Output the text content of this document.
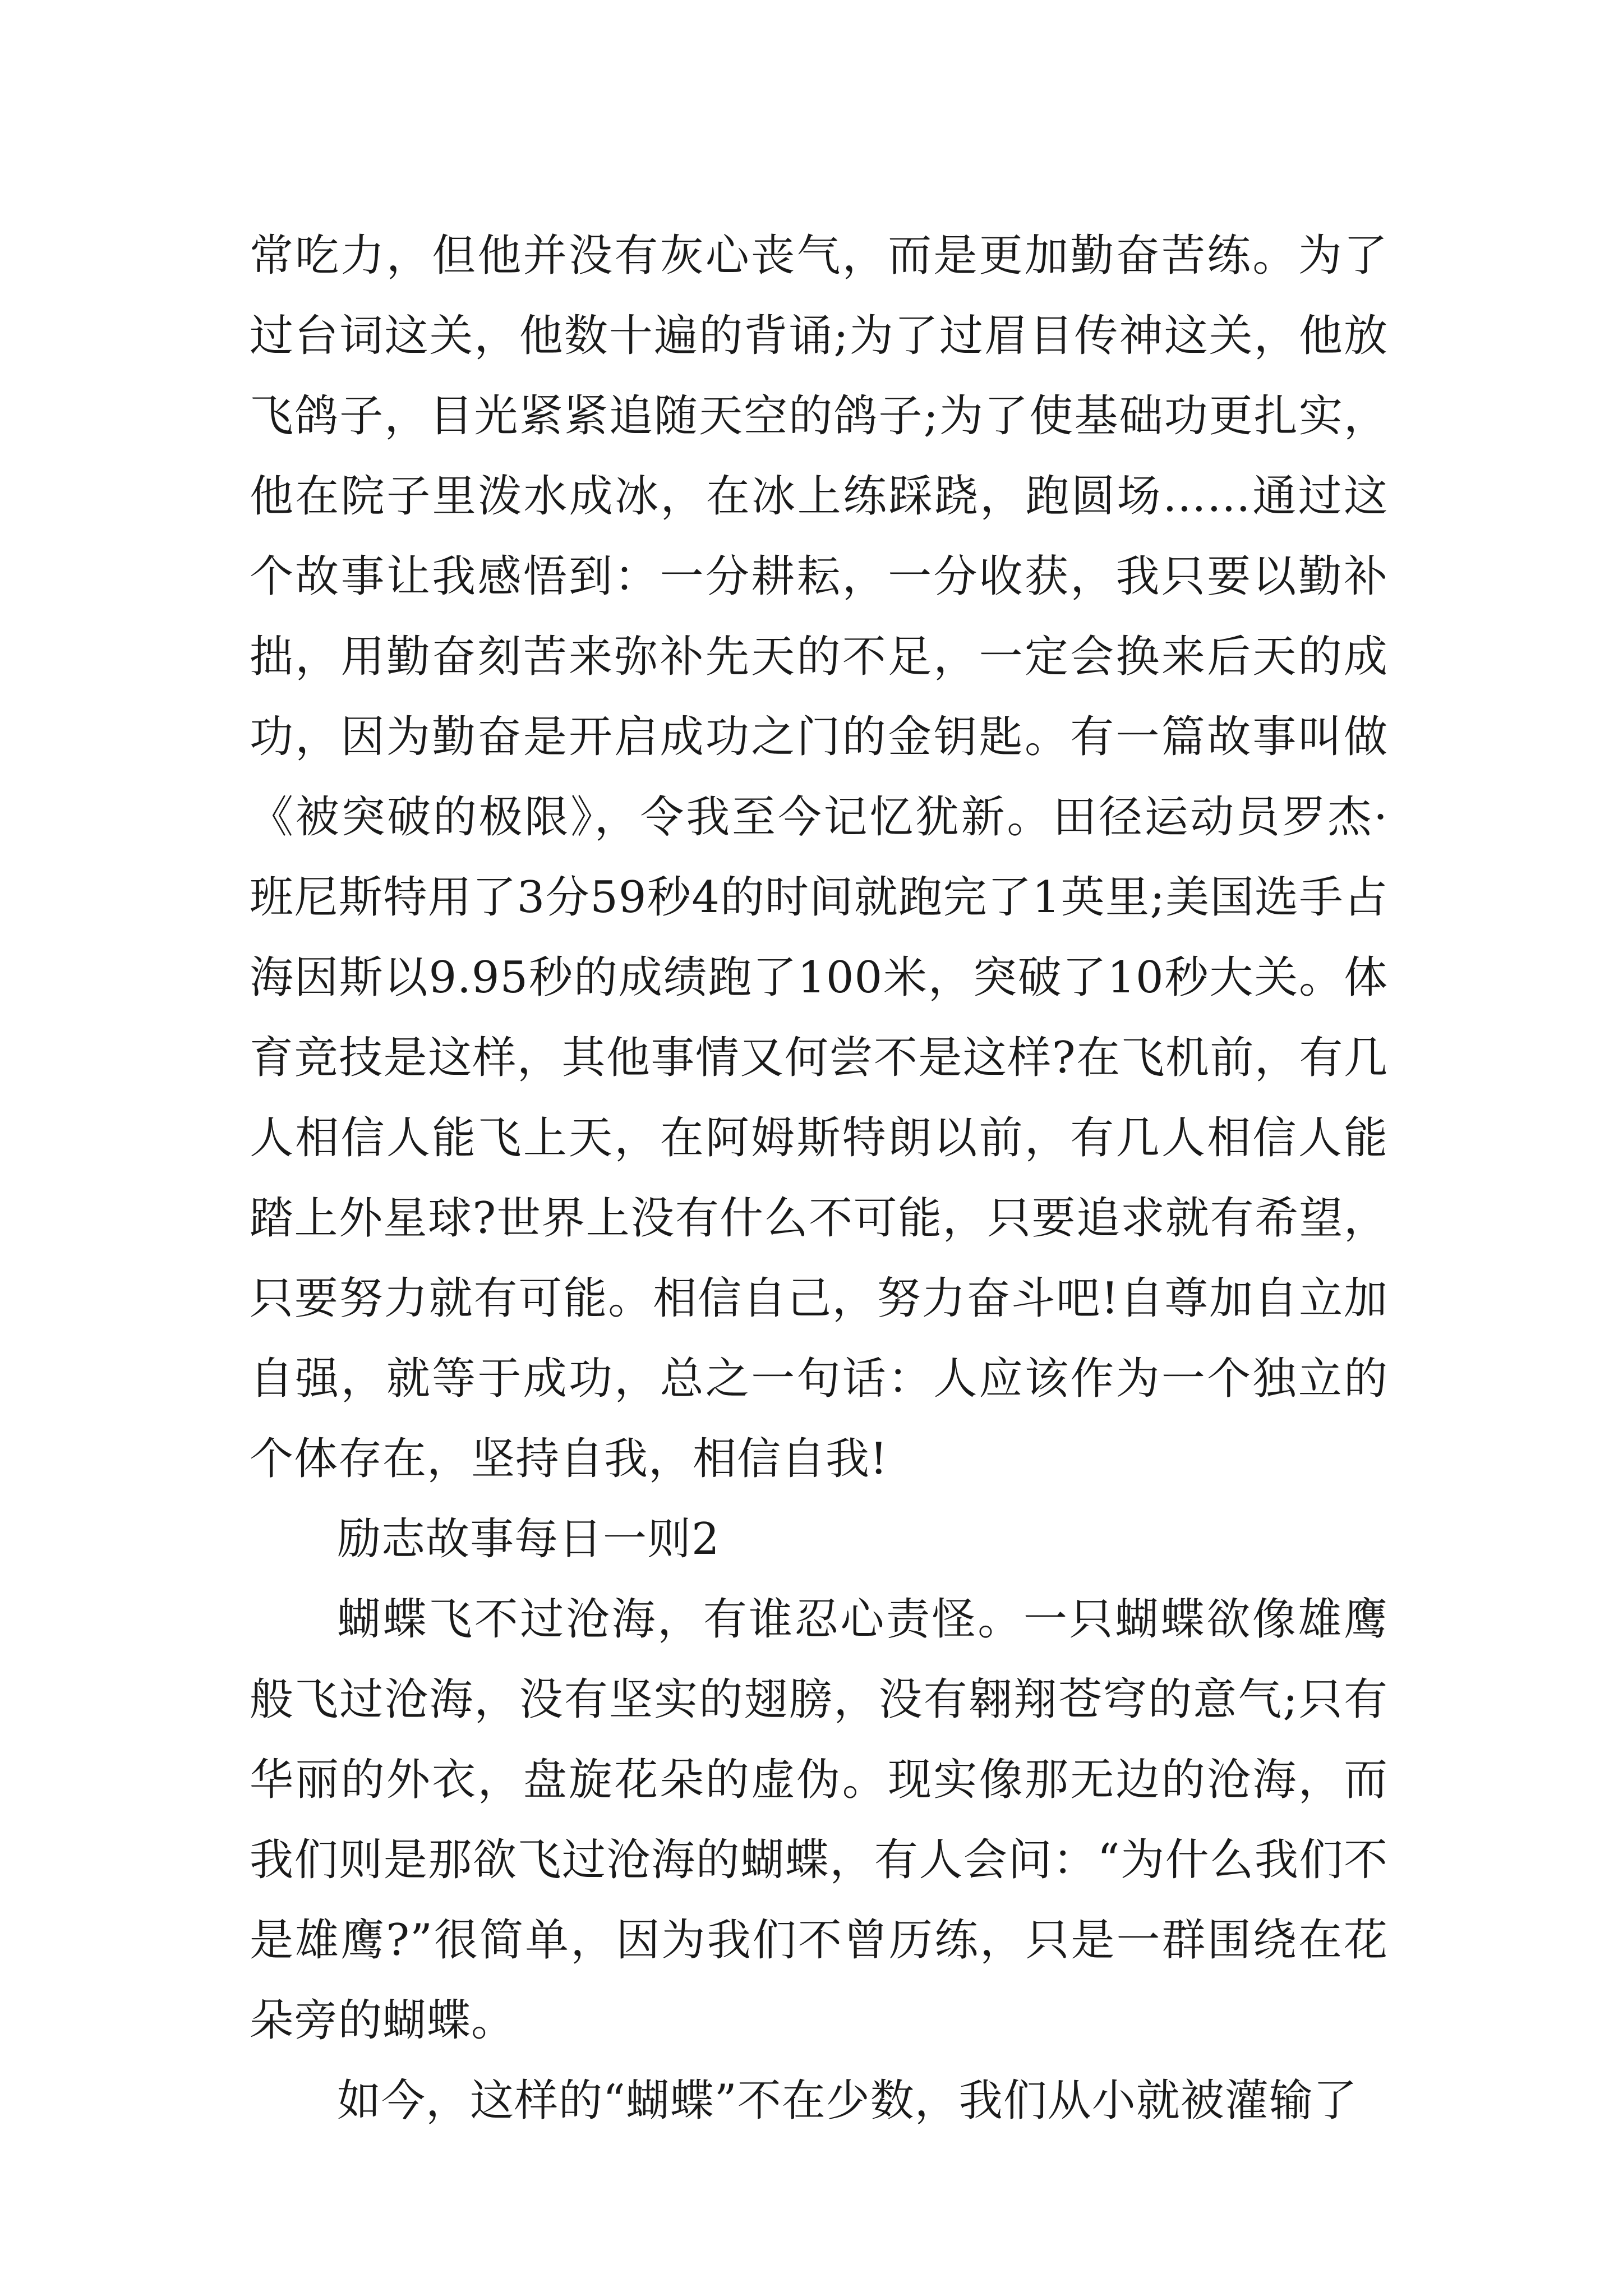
常吃力，但他并没有灰心丧气，而是更加勤奋苦练。为了过台词这关，他数十遍的背诵;为了过眉目传神这关，他放飞鸽子，目光紧紧追随天空的鸽子;为了使基础功更扎实，他在院子里泼水成冰，在冰上练踩跷，跑圆场……通过这个故事让我感悟到：一分耕耘，一分收获，我只要以勤补拙，用勤奋刻苦来弥补先天的不足，一定会换来后天的成功，因为勤奋是开启成功之门的金钥匙。有一篇故事叫做《被突破的极限》，令我至今记忆犹新。田径运动员罗杰·班尼斯特用了3分59秒4的时间就跑完了1英里;美国选手占海因斯以9.95秒的成绩跑了100米，突破了10秒大关。体育竞技是这样，其他事情又何尝不是这样?在飞机前，有几人相信人能飞上天，在阿姆斯特朗以前，有几人相信人能踏上外星球?世界上没有什么不可能，只要追求就有希望，只要努力就有可能。相信自己，努力奋斗吧!自尊加自立加自强，就等于成功，总之一句话：人应该作为一个独立的个体存在，坚持自我，相信自我!

励志故事每日一则2

蝴蝶飞不过沧海，有谁忍心责怪。一只蝴蝶欲像雄鹰般飞过沧海，没有坚实的翅膀，没有翱翔苍穹的意气;只有华丽的外衣，盘旋花朵的虚伪。现实像那无边的沧海，而我们则是那欲飞过沧海的蝴蝶，有人会问：“为什么我们不是雄鹰?”很简单，因为我们不曾历练，只是一群围绕在花朵旁的蝴蝶。

如今，这样的“蝴蝶”不在少数，我们从小就被灌输了
